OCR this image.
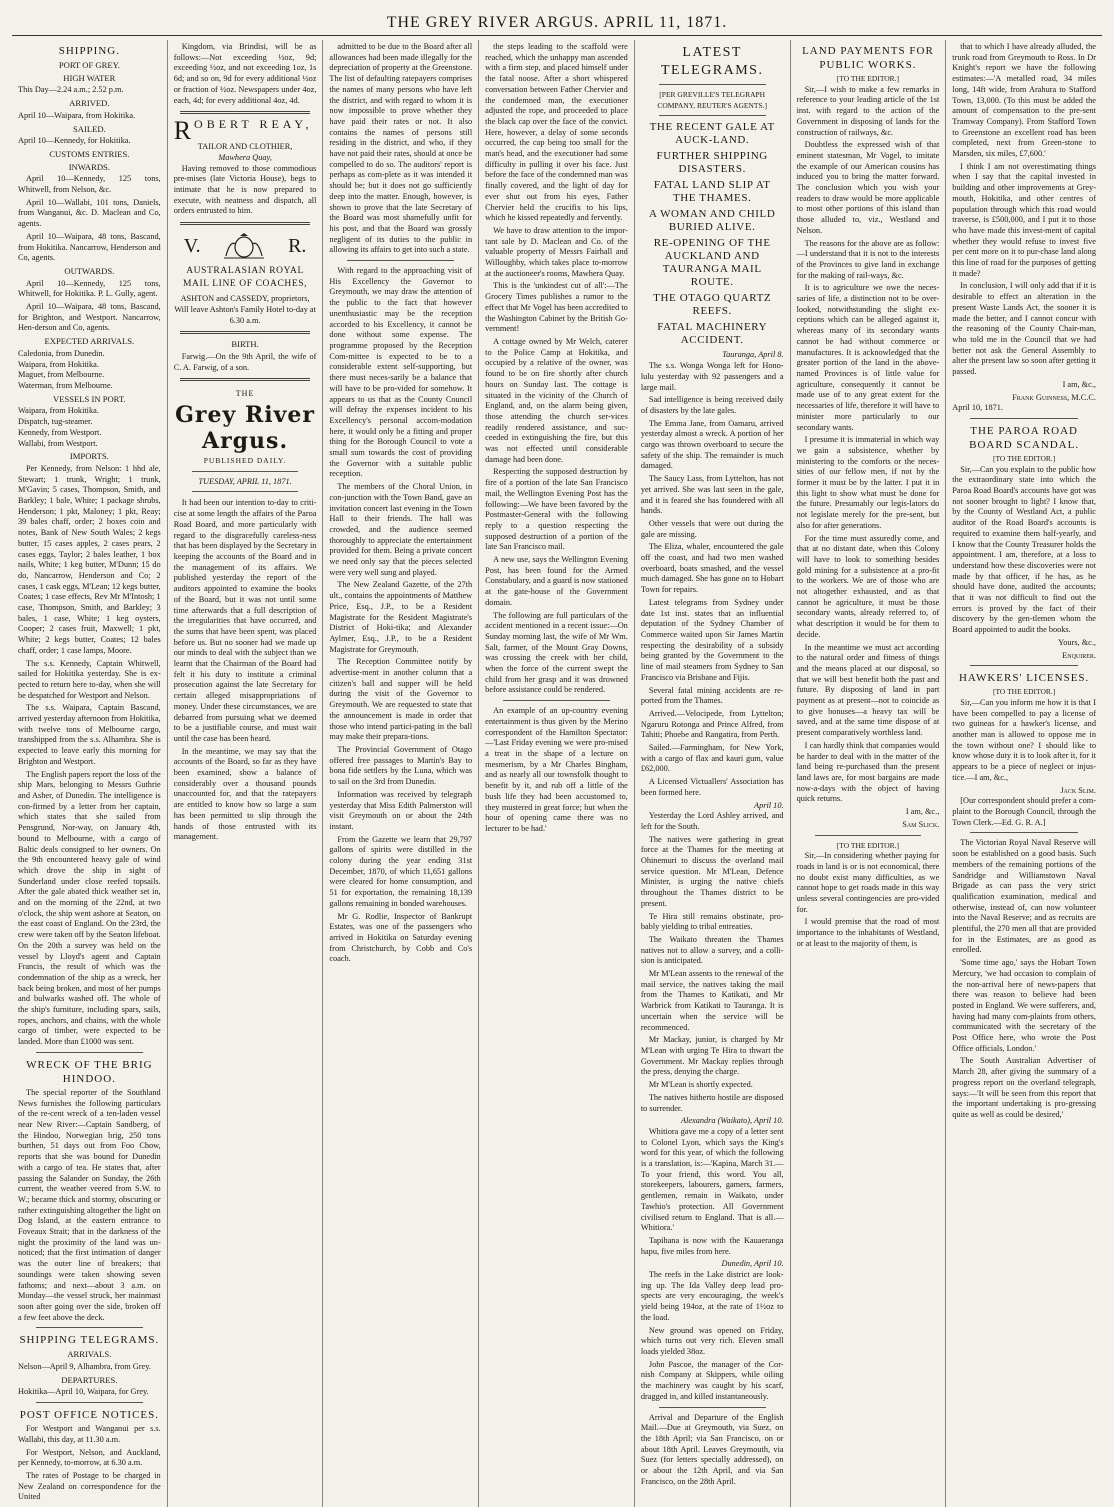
THE GREY RIVER ARGUS. APRIL 11, 1871.
SHIPPING.
PORT OF GREY.
HIGH WATER
This Day—2.24 a.m.; 2.52 p.m.
ARRIVED.
April 10—Waipara, from Hokitika.
SAILED.
April 10—Kennedy, for Hokitika.
CUSTOMS ENTRIES.
INWARDS.

April 10—Kennedy, 125 tons, Whitwell, from Nelson, &c.

April 10—Wallabi, 101 tons, Daniels, from Wanganui, &c. D. Maclean and Co, agents.

April 10—Waipara, 48 tons, Bascand, from Hokitika. Nancarrow, Henderson and Co, agents.

OUTWARDS.

April 10—Kennedy, 125 tons, Whitwell, for Hokitika. P. L. Gully, agent.

April 10—Waipara, 48 tons, Bascand, for Brighton, and Westport. Nancarrow, Hen-derson and Co, agents.

EXPECTED ARRIVALS.
Caledonia, from Dunedin.
Waipara, from Hokitika.
Maguet, from Melbourne.
Waterman, from Melbourne.
VESSELS IN PORT.
Waipara, from Hokitika.
Dispatch, tug-steamer.
Kennedy, from Westport.
Wallabi, from Westport.
IMPORTS.

Per Kennedy, from Nelson: 1 hhd ale, Stewart; 1 trunk, Wright; 1 trunk, M'Gavin; 5 cases, Thompson, Smith, and Barkley; 1 bale, White; 1 package shrubs, Henderson; 1 pkt, Maloney; 1 pkt, Reay; 39 bales chaff, order; 2 boxes coin and notes, Bank of New South Wales; 2 kegs butter, 15 cases apples, 2 cases pears, 2 cases eggs, Taylor; 2 bales leather, 1 box nails, White; 1 keg butter, M'Dunn; 15 do do, Nancarrow, Henderson and Co; 2 cases, 1 cask eggs, M'Lean; 12 kegs butter, Coates; 1 case effects, Rev Mr M'Intosh; 1 case, Thompson, Smith, and Barkley; 3 bales, 1 case, White; 1 keg oysters, Cooper; 2 cases fruit, Maxwell; 1 pkt, White; 2 kegs butter, Coates; 12 bales chaff, order; 1 case lamps, Moore.

The s.s. Kennedy, Captain Whitwell, sailed for Hokitika yesterday. She is ex-pected to return here to-day, when she will be despatched for Westport and Nelson.

The s.s. Waipara, Captain Bascand, arrived yesterday afternoon from Hokitika, with twelve tons of Melbourne cargo, transhipped from the s.s. Alhambra. She is expected to leave early this morning for Brighton and Westport.

The English papers report the loss of the ship Mars, belonging to Messrs Guthrie and Asher, of Dunedin. The intelligence is con-firmed by a letter from her captain, which states that she sailed from Pensgrund, Nor-way, on January 4th, bound to Melbourne, with a cargo of Baltic deals consigned to her owners. On the 9th encountered heavy gale of wind which drove the ship in sight of Sunderland under close reefed topsails. After the gale abated thick weather set in, and on the morning of the 22nd, at two o'clock, the ship went ashore at Seaton, on the east coast of England. On the 23rd, the crew were taken off by the Seaton lifeboat. On the 20th a survey was held on the vessel by Lloyd's agent and Captain Francis, the result of which was the condemnation of the ship as a wreck, her back being broken, and most of her pumps and bulwarks washed off. The whole of the ship's furniture, including spars, sails, ropes, anchors, and chains, with the whole cargo of timber, were expected to be landed. More than £1000 was sent.

WRECK OF THE BRIG HINDOO.

The special reporter of the Southland News furnishes the following particulars of the re-cent wreck of a ten-laden vessel near New River:—Captain Sandberg, of the Hindoo, Norwegian brig, 250 tons burthen, 51 days out from Foo Chow, reports that she was bound for Dunedin with a cargo of tea. He states that, after passing the Salander on Sunday, the 26th current, the weather veered from S.W. to W.; became thick and stormy, obscuring or rather extinguishing altogether the light on Dog Island, at the eastern entrance to Foveaux Strait; that in the darkness of the night the proximity of the land was un-noticed; that the first intimation of danger was the outer line of breakers; that soundings were taken showing seven fathoms; and next—about 3 a.m. on Monday—the vessel struck, her mainmast soon after going over the side, broken off a few feet above the deck.

SHIPPING TELEGRAMS.
ARRIVALS.
Nelson—April 9, Alhambra, from Grey.
DEPARTURES.
Hokitika—April 10, Waipara, for Grey.
POST OFFICE NOTICES.

For Westport and Wanganui per s.s. Wallabi, this day, at 11.30 a.m.

For Westport, Nelson, and Auckland, per Kennedy, to-morrow, at 6.30 a.m.

The rates of Postage to be charged in New Zealand on correspondence for the United

Kingdom, via Brindisi, will be as follows:—Not exceeding ½oz, 9d; exceeding ½oz, and not exceeding 1oz, 1s 6d; and so on, 9d for every additional ½oz or fraction of ½oz. Newspapers under 4oz, each, 4d; for every additional 4oz, 4d.

R OBERT REAY,
TAILOR AND CLOTHIER,
Mawhera Quay,

Having removed to those commodious pre-mises (late Victoria House), begs to intimate that he is now prepared to execute, with neatness and dispatch, all orders entrusted to him.

V.	R.
AUSTRALASIAN ROYAL MAIL LINE OF COACHES,
ASHTON and CASSEDY, proprietors,
Will leave Ashton's Family Hotel to-day at 6.30 a.m.
BIRTH.

Farwig.—On the 9th April, the wife of C. A. Farwig, of a son.

THE
Grey River Argus.
PUBLISHED DAILY.
TUESDAY, APRIL 11, 1871.

It had been our intention to-day to criti-cise at some length the affairs of the Paroa Road Board, and more particularly with regard to the disgracefully careless-ness that has been displayed by the Secretary in keeping the accounts of the Board and in the management of its affairs. We published yesterday the report of the auditors appointed to examine the books of the Board, but it was not until some time afterwards that a full description of the irregularities that have occurred, and the sums that have been spent, was placed before us. But no sooner had we made up our minds to deal with the subject than we learnt that the Chairman of the Board had felt it his duty to institute a criminal prosecution against the late Secretary for certain alleged misappropriations of money. Under these circumstances, we are debarred from pursuing what we deemed to be a justifiable course, and must wait until the case has been heard.

In the meantime, we may say that the accounts of the Board, so far as they have been examined, show a balance of considerably over a thousand pounds unaccounted for, and that the ratepayers are entitled to know how so large a sum has been permitted to slip through the hands of those entrusted with its management.

admitted to be due to the Board after all allowances had been made illegally for the depreciation of property at the Greenstone. The list of defaulting ratepayers comprises the names of many persons who have left the district, and with regard to whom it is now impossible to prove whether they have paid their rates or not. It also contains the names of persons still residing in the district, and who, if they have not paid their rates, should at once be compelled to do so. The auditors' report is perhaps as com-plete as it was intended it should be; but it does not go sufficiently deep into the matter. Enough, however, is shown to prove that the late Secretary of the Board was most shamefully unfit for his post, and that the Board was grossly negligent of its duties to the public in allowing its affairs to get into such a state.

With regard to the approaching visit of His Excellency the Governor to Greymouth, we may draw the attention of the public to the fact that however unenthusiastic may be the reception accorded to his Excellency, it cannot be done without some expense. The programme proposed by the Reception Com-mittee is expected to be to a considerable extent self-supporting, but there must neces-sarily be a balance that will have to be pro-vided for somehow. It appears to us that as the County Council will defray the expenses incident to his Excellency's personal accom-modation here, it would only be a fitting and proper thing for the Borough Council to vote a small sum towards the cost of providing the Governor with a suitable public reception.

The members of the Choral Union, in con-junction with the Town Band, gave an invitation concert last evening in the Town Hall to their friends. The hall was crowded, and the audience seemed thoroughly to appreciate the entertainment provided for them. Being a private concert we need only say that the pieces selected were very well sung and played.

The New Zealand Gazette, of the 27th ult., contains the appointments of Matthew Price, Esq., J.P., to be a Resident Magistrate for the Resident Magistrate's District of Hoki-tika; and Alexander Aylmer, Esq., J.P., to be a Resident Magistrate for Greymouth.

The Reception Committee notify by advertise-ment in another column that a citizen's ball and supper will be held during the visit of the Governor to Greymouth. We are requested to state that the announcement is made in order that those who intend partici-pating in the ball may make their prepara-tions.

The Provincial Government of Otago offered free passages to Martin's Bay to bona fide settlers by the Luna, which was to sail on the 3rd from Dunedin.

Information was received by telegraph yesterday that Miss Edith Palmerston will visit Greymouth on or about the 24th instant.

From the Gazette we learn that 29,797 gallons of spirits were distilled in the colony during the year ending 31st December, 1870, of which 11,651 gallons were cleared for home consumption, and 51 for exportation, the remaining 18,139 gallons remaining in bonded warehouses.

Mr G. Rodlie, Inspector of Bankrupt Estates, was one of the passengers who arrived in Hokitika on Saturday evening from Christchurch, by Cobb and Co's coach.

the steps leading to the scaffold were reached, which the unhappy man ascended with a firm step, and placed himself under the fatal noose. After a short whispered conversation between Father Chervier and the condemned man, the executioner adjusted the rope, and proceeded to place the black cap over the face of the convict. Here, however, a delay of some seconds occurred, the cap being too small for the man's head, and the executioner had some difficulty in pulling it over his face. Just before the face of the condemned man was finally covered, and the light of day for ever shut out from his eyes, Father Chervier held the crucifix to his lips, which he kissed repeatedly and fervently.

We have to draw attention to the impor-tant sale by D. Maclean and Co. of the valuable property of Messrs Fairhall and Willoughby, which takes place to-morrow at the auctioneer's rooms, Mawhera Quay.

This is the 'unkindest cut of all':—The Grocery Times publishes a rumor to the effect that Mr Vogel has been accredited to the Washington Cabinet by the British Go-vernment!

A cottage owned by Mr Welch, caterer to the Police Camp at Hokitika, and occupied by a relative of the owner, was found to be on fire shortly after church hours on Sunday last. The cottage is situated in the vicinity of the Church of England, and, on the alarm being given, those attending the church ser-vices readily rendered assistance, and suc-ceeded in extinguishing the fire, but this was not effected until considerable damage had been done.

Respecting the supposed destruction by fire of a portion of the late San Francisco mail, the Wellington Evening Post has the following:—We have been favored by the Postmaster-General with the following reply to a question respecting the supposed destruction of a portion of the late San Francisco mail.

A new use, says the Wellington Evening Post, has been found for the Armed Constabulary, and a guard is now stationed at the gate-house of the Government domain.

The following are full particulars of the accident mentioned in a recent issue:—On Sunday morning last, the wife of Mr Wm. Salt, farmer, of the Mount Gray Downs, was crossing the creek with her child, when the force of the current swept the child from her grasp and it was drowned before assistance could be rendered.

An example of an up-country evening entertainment is thus given by the Merino correspondent of the Hamilton Spectator:—'Last Friday evening we were pro-mised a treat in the shape of a lecture on mesmerism, by a Mr Charles Bingham, and as nearly all our townsfolk thought to benefit by it, and rub off a little of the bush life they had been accustomed to, they mustered in great force; but when the hour of opening came there was no lecturer to be had.'

LATEST TELEGRAMS.
[PER GREVILLE'S TELEGRAPH COMPANY, REUTER'S AGENTS.]
THE RECENT GALE AT AUCK-LAND.
FURTHER SHIPPING DISASTERS.
FATAL LAND SLIP AT THE THAMES.
A WOMAN AND CHILD BURIED ALIVE.
RE-OPENING OF THE AUCKLAND AND TAURANGA MAIL ROUTE.
THE OTAGO QUARTZ REEFS.
FATAL MACHINERY ACCIDENT.
Tauranga, April 8.

The s.s. Wonga Wonga left for Hono-lulu yesterday with 92 passengers and a large mail.

Sad intelligence is being received daily of disasters by the late gales.

The Emma Jane, from Oamaru, arrived yesterday almost a wreck. A portion of her cargo was thrown overboard to secure the safety of the ship. The remainder is much damaged.

The Saucy Lass, from Lyttelton, has not yet arrived. She was last seen in the gale, and it is feared she has foundered with all hands.

Other vessels that were out during the gale are missing.

The Eliza, whaler, encountered the gale off the coast, and had two men washed overboard, boats smashed, and the vessel much damaged. She has gone on to Hobart Town for repairs.

Latest telegrams from Sydney under date 1st inst. states that an influential deputation of the Sydney Chamber of Commerce waited upon Sir James Martin respecting the desirability of a subsidy being granted by the Government to the line of mail steamers from Sydney to San Francisco via Brisbane and Fijis.

Several fatal mining accidents are re-ported from the Thames.

Arrived.—Velocipede, from Lyttelton; Ngaruru Rotonga and Prince Alfred, from Tahiti; Phoebe and Rangatira, from Perth.

Sailed.—Farmingham, for New York, with a cargo of flax and kauri gum, value £62,000.

A Licensed Victuallers' Association has been formed here.

April 10.

Yesterday the Lord Ashley arrived, and left for the South.

The natives were gathering in great force at the Thames for the meeting at Ohinemuri to discuss the overland mail service question. Mr M'Lean, Defence Minister, is urging the native chiefs throughout the Thames district to be present.

Te Hira still remains obstinate, pro-bably yielding to tribal entreaties.

The Waikato threaten the Thames natives not to allow a survey, and a colli-sion is anticipated.

Mr M'Lean assents to the renewal of the mail service, the natives taking the mail from the Thames to Katikati, and Mr Warbrick from Katikati to Tauranga. It is uncertain when the service will be recommenced.

Mr Mackay, junior, is charged by Mr M'Lean with urging Te Hira to thwart the Government. Mr Mackay replies through the press, denying the charge.

Mr M'Lean is shortly expected.

The natives hitherto hostile are disposed to surrender.

Alexandra (Waikato), April 10.

Whitiora gave me a copy of a letter sent to Colonel Lyon, which says the King's word for this year, of which the following is a translation, is:—'Kapina, March 31.—To your friend, this word. You all, storekeepers, labourers, gamers, farmers, gentlemen, remain in Waikato, under Tawhio's protection. All Government civilised return to England. That is all.—Whitiora.'

Tapihana is now with the Kauaeranga hapu, five miles from here.

Dunedin, April 10.

The reefs in the Lake district are look-ing up. The Ida Valley deep lead pro-spects are very encouraging, the week's yield being 194oz, at the rate of 1½oz to the load.

New ground was opened on Friday, which turns out very rich. Eleven small loads yielded 38oz.

John Pascoe, the manager of the Cor-nish Company at Skippers, while oiling the machinery was caught by his scarf, dragged in, and killed instantaneously.

Arrival and Departure of the English Mail.—Due at Greymouth, via Suez, on the 18th April; via San Francisco, on or about 18th April. Leaves Greymouth, via Suez (for letters specially addressed), on or about the 12th April, and via San Francisco, on the 28th April.

LAND PAYMENTS FOR PUBLIC WORKS.
[TO THE EDITOR.]

Sir,—I wish to make a few remarks in reference to your leading article of the 1st inst. with regard to the action of the Government in disposing of lands for the construction of railways, &c.

Doubtless the expressed wish of that eminent statesman, Mr Vogel, to imitate the example of our American cousins has induced you to bring the matter forward. The conclusion which you wish your readers to draw would be more applicable to most other portions of this island than those alluded to, viz., Westland and Nelson.

The reasons for the above are as follow:—I understand that it is not to the interests of the Provinces to give land in exchange for the making of rail-ways, &c.

It is to agriculture we owe the neces-saries of life, a distinction not to be over-looked, notwithstanding the slight ex-ceptions which can be alleged against it, whereas many of its secondary wants cannot be had without commerce or manufactures. It is acknowledged that the greater portion of the land in the above-named Provinces is of little value for agriculture, consequently it cannot be made use of to any great extent for the necessaries of life, therefore it will have to minister more particularly to our secondary wants.

I presume it is immaterial in which way we gain a subsistence, whether by ministering to the comforts or the neces-sities of our fellow men, if not by the former it must be by the latter. I put it in this light to show what must be done for the future. Presumably our legis-lators do not legislate merely for the pre-sent, but also for after generations.

For the time must assuredly come, and that at no distant date, when this Colony will have to look to something besides gold mining for a subsistence at a pro-fit to the workers. We are of those who are not altogether exhausted, and as that cannot be agriculture, it must be those secondary wants, already referred to, of what description it would be for them to decide.

In the meantime we must act according to the natural order and fitness of things and the means placed at our disposal, so that we will best benefit both the past and future. By disposing of land in part payment as at present—not to coincide as to give bonuses—a heavy tax will be saved, and at the same time dispose of at present comparatively worthless land.

I can hardly think that companies would be harder to deal with in the matter of the land being re-purchased than the present land laws are, for most bargains are made now-a-days with the object of having quick returns.

I am, &c.,
Sam Slick.
[TO THE EDITOR.]

Sir,—In considering whether paying for roads in land is or is not economical, there no doubt exist many difficulties, as we cannot hope to get roads made in this way unless several contingencies are pro-vided for.

I would premise that the road of most importance to the inhabitants of Westland, or at least to the majority of them, is

that to which I have already alluded, the trunk road from Greymouth to Ross. In Dr Knight's report we have the following estimates:—'A metalled road, 34 miles long, 14ft wide, from Arahura to Stafford Town, 13,000. (To this must be added the amount of compensation to the pre-sent Tramway Company). From Stafford Town to Greenstone an excellent road has been completed, next from Green-stone to Marsden, six miles, £7,600.'

I think I am not overestimating things when I say that the capital invested in building and other improvements at Grey-mouth, Hokitika, and other centres of population through which this road would traverse, is £500,000, and I put it to those who have made this invest-ment of capital whether they would refuse to invest five per cent more on it to pur-chase land along this line of road for the purposes of getting it made?

In conclusion, I will only add that if it is desirable to effect an alteration in the present Waste Lands Act, the sooner it is made the better, and I cannot concur with the reasoning of the County Chair-man, who told me in the Council that we had better not ask the General Assembly to alter the present law so soon after getting it passed.

I am, &c.,
Frank Guinness, M.C.C.
April 10, 1871.
THE PAROA ROAD BOARD SCANDAL.
[TO THE EDITOR.]

Sir,—Can you explain to the public how the extraordinary state into which the Paroa Road Board's accounts have got was not sooner brought to light? I know that, by the County of Westland Act, a public auditor of the Road Board's accounts is required to examine them half-yearly, and I know that the County Treasurer holds the appointment. I am, therefore, at a loss to understand how these discoveries were not made by that officer, if he has, as he should have done, audited the accounts; that it was not difficult to find out the errors is proved by the fact of their discovery by the gen-tlemen whom the Board appointed to audit the books.

Yours, &c.,
Enquirer.
HAWKERS' LICENSES.
[TO THE EDITOR.]

Sir,—Can you inform me how it is that I have been compelled to pay a license of two guineas for a hawker's license, and another man is allowed to oppose me in the town without one? I should like to know whose duty it is to look after it, for it appears to be a piece of neglect or injus-tice.—I am, &c.,

Jack Slim.

[Our correspondent should prefer a com-plaint to the Borough Council, through the Town Clerk.—Ed. G. R. A.]

The Victorian Royal Naval Reserve will soon be established on a good basis. Such members of the remaining portions of the Sandridge and Williamstown Naval Brigade as can pass the very strict qualification examination, medical and otherwise, instead of, can now volunteer into the Naval Reserve; and as recruits are plentiful, the 270 men all that are provided for in the Estimates, are as good as enrolled.

'Some time ago,' says the Hobart Town Mercury, 'we had occasion to complain of the non-arrival here of news-papers that there was reason to believe had been posted in England. We were sufferers, and, having had many com-plaints from others, communicated with the secretary of the Post Office here, who wrote the Post Office officials, London.'

The South Australian Advertiser of March 28, after giving the summary of a progress report on the overland telegraph, says:—'It will be seen from this report that the important undertaking is pro-gressing quite as well as could be desired,'
